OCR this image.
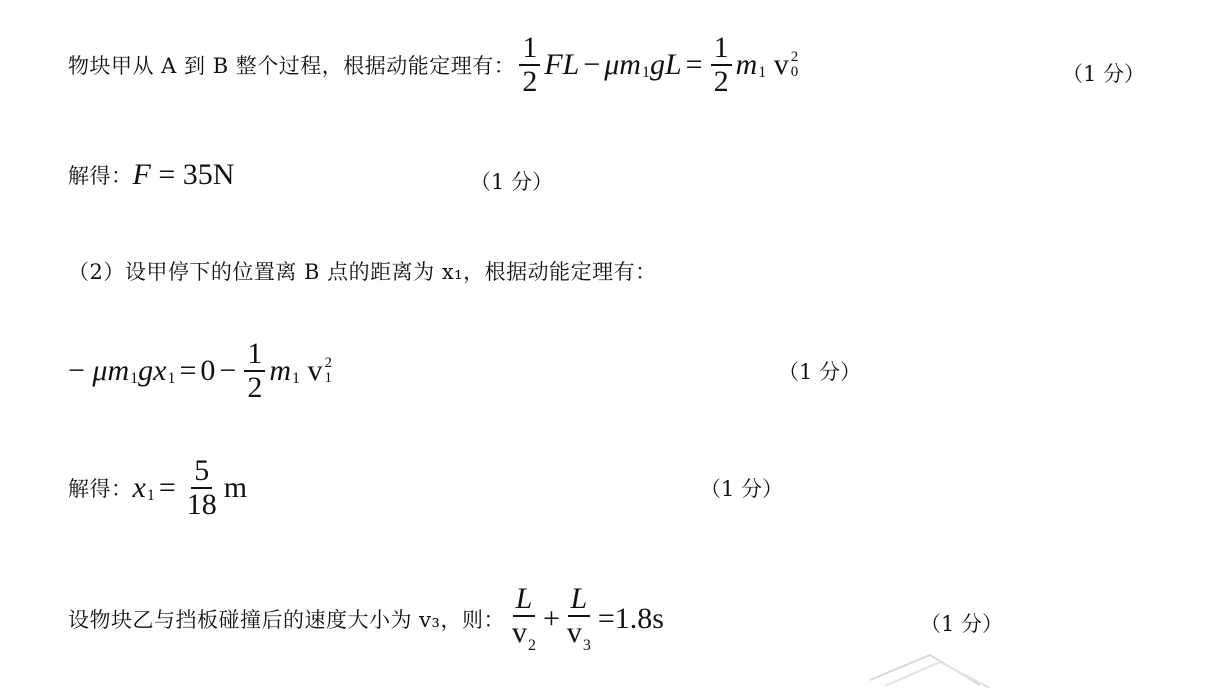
物块甲从 A 到 B 整个过程，根据动能定理有： $\frac{1}{2}$ FL − μm 1 gL = $\frac{1}{2}$ m 1 v 2
0	（1 分）
解得： F = 35N	（1 分）
（2）设甲停下的位置离 B 点的距离为 x₁，根据动能定理有：
− μm 1 gx $1 = 0 - \frac{1}{2}$ m 1 v 2
1	（1 分）
解得： x $1 = \frac{5}{18}$ m	（1 分）
设物块乙与挡板碰撞后的速度大小为 v₃，则： $\frac{L}{v_2} + \frac{L}{v_3} =1.8s$	（1 分）
